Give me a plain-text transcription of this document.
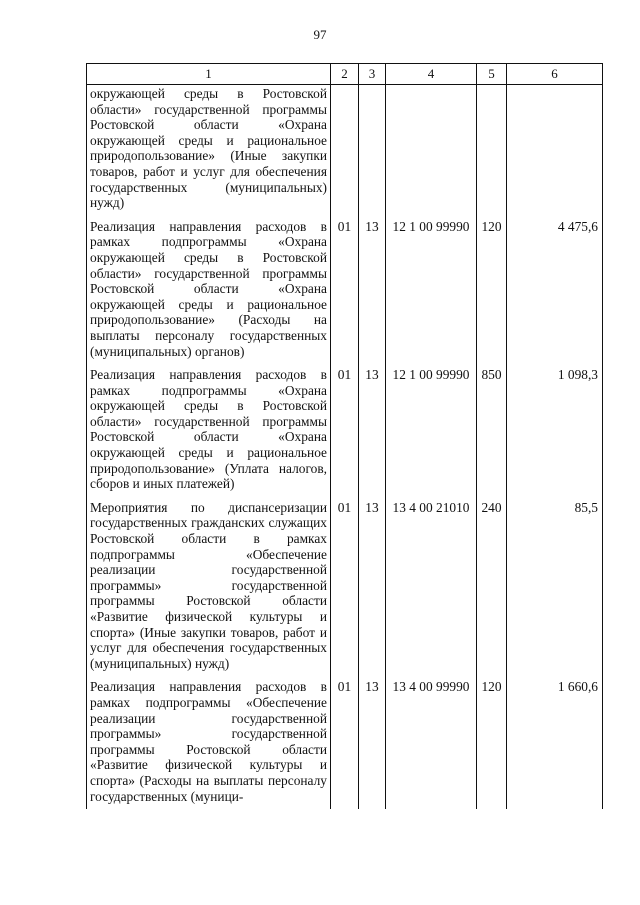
97
1	2	3	4	5	6
окружающей среды в Ростовской области» государственной программы Ростовской области «Охрана окружающей среды и рациональное природопользование» (Иные закупки товаров, работ и услуг для обеспечения государственных (муниципальных) нужд)					
Реализация направления расходов в рамках подпрограммы «Охрана окружающей среды в Ростовской области» государственной программы Ростовской области «Охрана окружающей среды и рациональное природопользование» (Расходы на выплаты персоналу государственных (муниципальных) органов)	01	13	12 1 00 99990	120	4 475,6
Реализация направления расходов в рамках подпрограммы «Охрана окружающей среды в Ростовской области» государственной программы Ростовской области «Охрана окружающей среды и рациональное природопользование» (Уплата налогов, сборов и иных платежей)	01	13	12 1 00 99990	850	1 098,3
Мероприятия по диспансеризации государственных гражданских служащих Ростовской области в рамках подпрограммы «Обеспечение реализации государственной программы» государственной программы Ростовской области «Развитие физической культуры и спорта» (Иные закупки товаров, работ и услуг для обеспечения государственных (муниципальных) нужд)	01	13	13 4 00 21010	240	85,5
Реализация направления расходов в рамках подпрограммы «Обеспечение реализации государственной программы» государственной программы Ростовской области «Развитие физической культуры и спорта» (Расходы на выплаты персоналу государственных (муници-	01	13	13 4 00 99990	120	1 660,6
